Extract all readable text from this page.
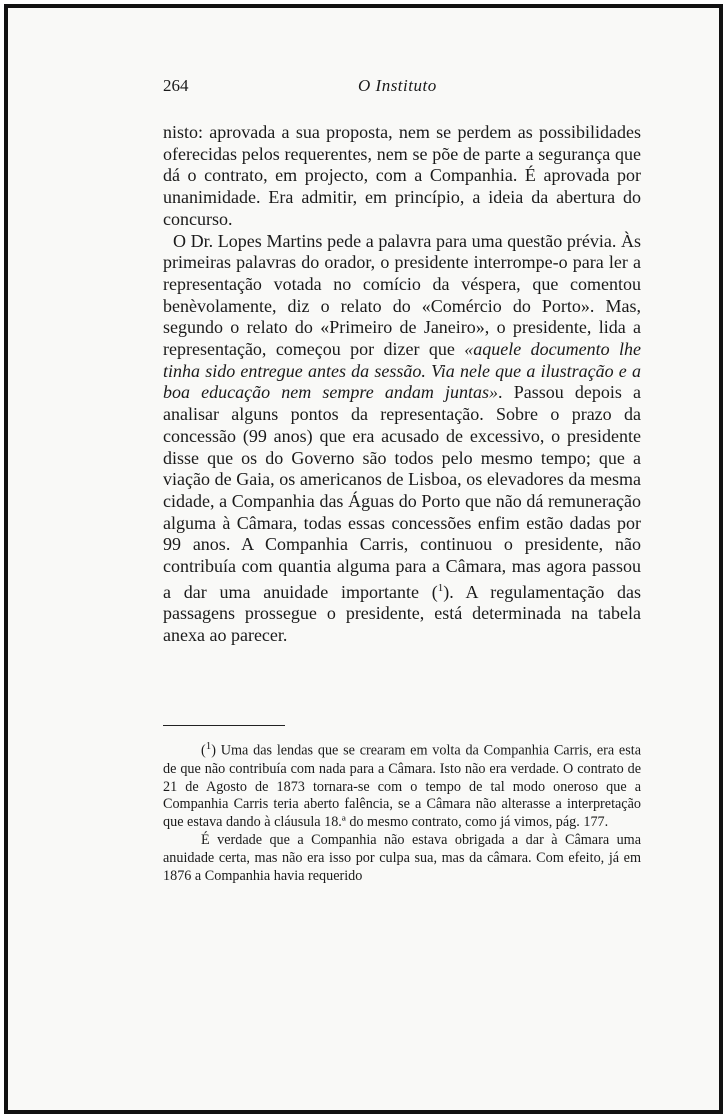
264	O Instituto

nisto: aprovada a sua proposta, nem se perdem as possibilidades oferecidas pelos requerentes, nem se põe de parte a segurança que dá o contrato, em projecto, com a Companhia. É aprovada por unanimidade. Era admitir, em princípio, a ideia da abertura do concurso.

O Dr. Lopes Martins pede a palavra para uma questão prévia. Às primeiras palavras do orador, o presidente interrompe-o para ler a representação votada no comício da véspera, que comentou benèvolamente, diz o relato do «Comércio do Porto». Mas, segundo o relato do «Primeiro de Janeiro», o presidente, lida a representação, começou por dizer que «aquele documento lhe tinha sido entregue antes da sessão. Via nele que a ilustração e a boa educação nem sempre andam juntas». Passou depois a analisar alguns pontos da representação. Sobre o prazo da concessão (99 anos) que era acusado de excessivo, o presidente disse que os do Governo são todos pelo mesmo tempo; que a viação de Gaia, os americanos de Lisboa, os elevadores da mesma cidade, a Companhia das Águas do Porto que não dá remuneração alguma à Câmara, todas essas concessões enfim estão dadas por 99 anos. A Companhia Carris, continuou o presidente, não contribuía com quantia alguma para a Câmara, mas agora passou a dar uma anuidade importante ($^1$). A regulamentação das passagens prossegue o presidente, está determinada na tabela anexa ao parecer.

($^1$) Uma das lendas que se crearam em volta da Companhia Carris, era esta de que não contribuía com nada para a Câmara. Isto não era verdade. O contrato de 21 de Agosto de 1873 tornara-se com o tempo de tal modo oneroso que a Companhia Carris teria aberto falência, se a Câmara não alterasse a interpretação que estava dando à cláusula 18.ª do mesmo contrato, como já vimos, pág. 177.

É verdade que a Companhia não estava obrigada a dar à Câmara uma anuidade certa, mas não era isso por culpa sua, mas da câmara. Com efeito, já em 1876 a Companhia havia requerido
